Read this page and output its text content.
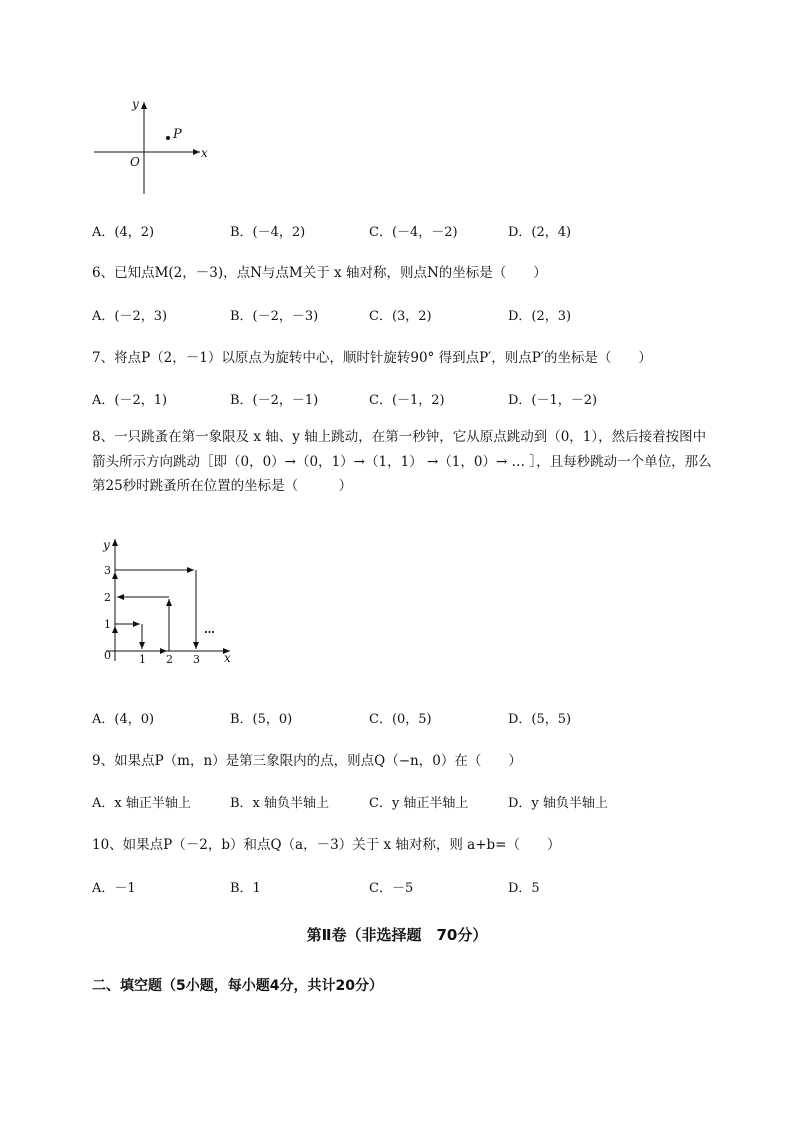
y
x
O
P
A．(4，2)	B．(－4，2)	C．(－4，－2)	D．(2，4)
6、已知点M(2，－3)，点N与点M关于 x 轴对称，则点N的坐标是（　　）
A．(－2，3)	B．(－2，－3)	C．(3，2)	D．(2，3)
7、将点P（2，－1）以原点为旋转中心，顺时针旋转90° 得到点P′，则点P′的坐标是（　　）
A．(－2，1)	B．(－2，－1)	C．(－1，2)	D．(－1，－2)
8、一只跳蚤在第一象限及 x 轴、y 轴上跳动，在第一秒钟，它从原点跳动到（0，1），然后接着按图中箭头所示方向跳动［即（0，0）→（0，1）→（1，1） →（1，0）→ … ］，且每秒跳动一个单位，那么第25秒时跳蚤所在位置的坐标是（　　　）
y
x
0	1 2 3
1
2
3
…
A．(4，0)	B．(5，0)	C．(0，5)	D．(5，5)
9、如果点P（m，n）是第三象限内的点，则点Q（−n，0）在（　　）
A．x 轴正半轴上	B．x 轴负半轴上	C．y 轴正半轴上	D．y 轴负半轴上
10、如果点P（－2，b）和点Q（a，－3）关于 x 轴对称，则 a+b=（　　）
A．－1	B．1	C．－5	D．5
第Ⅱ卷（非选择题　70分）
二、填空题（5小题，每小题4分，共计20分）
